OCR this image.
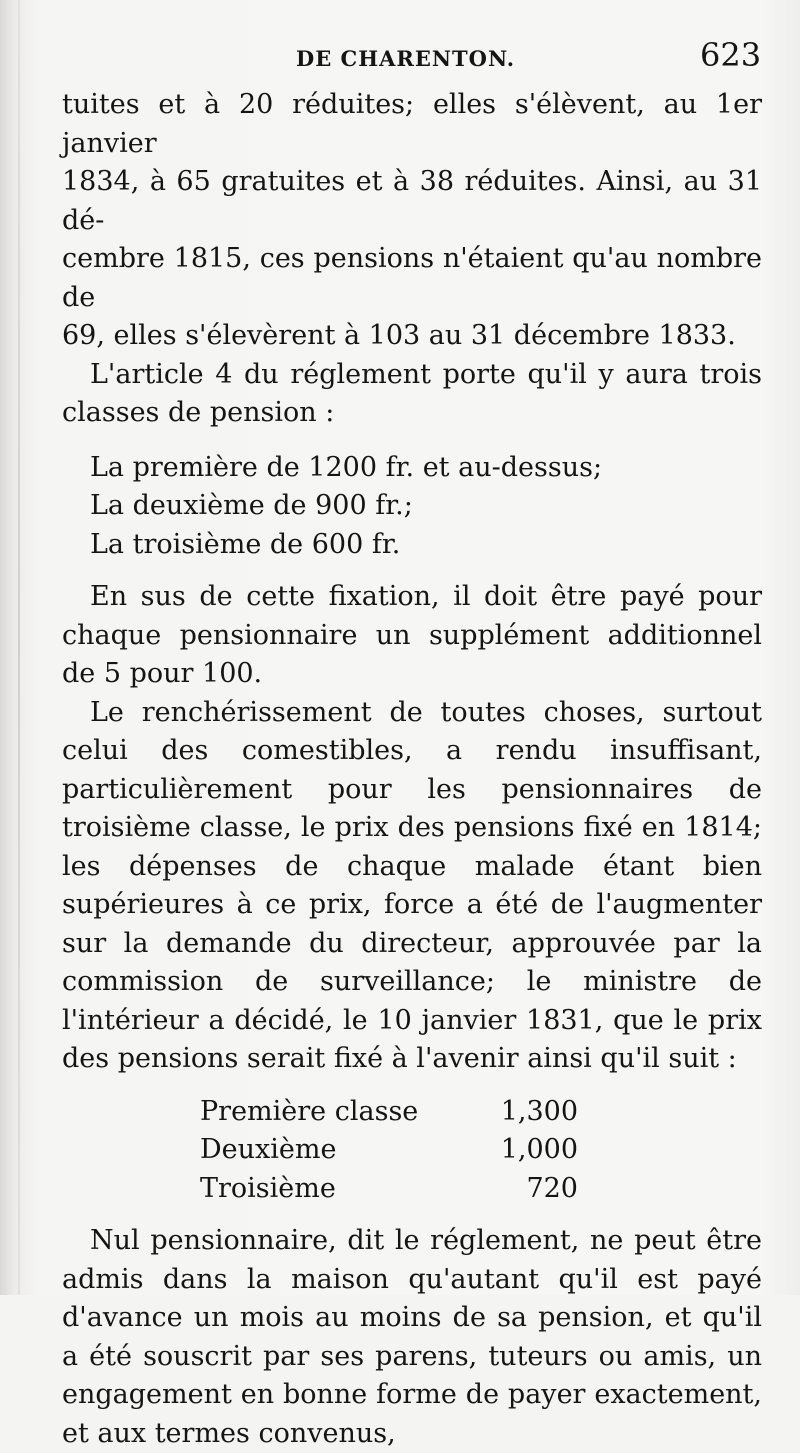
DE CHARENTON.	623

tuites et à 20 réduites; elles s'élèvent, au 1er janvier
1834, à 65 gratuites et à 38 réduites. Ainsi, au 31 dé-
cembre 1815, ces pensions n'étaient qu'au nombre de
69, elles s'élevèrent à 103 au 31 décembre 1833.

L'article 4 du réglement porte qu'il y aura trois classes de pension :

La première de 1200 fr. et au-dessus;
La deuxième de 900 fr.;
La troisième de 600 fr.

En sus de cette fixation, il doit être payé pour chaque pensionnaire un supplément additionnel de 5 pour 100.

Le renchérissement de toutes choses, surtout celui des comestibles, a rendu insuffisant, particulièrement pour les pensionnaires de troisième classe, le prix des pensions fixé en 1814; les dépenses de chaque malade étant bien supérieures à ce prix, force a été de l'augmenter sur la demande du directeur, approuvée par la commission de surveillance; le ministre de l'intérieur a décidé, le 10 janvier 1831, que le prix des pensions serait fixé à l'avenir ainsi qu'il suit :

Première classe	1,300
Deuxième	1,000
Troisième	720

Nul pensionnaire, dit le réglement, ne peut être admis dans la maison qu'autant qu'il est payé d'avance un mois au moins de sa pension, et qu'il a été souscrit par ses parens, tuteurs ou amis, un engagement en bonne forme de payer exactement, et aux termes convenus,
